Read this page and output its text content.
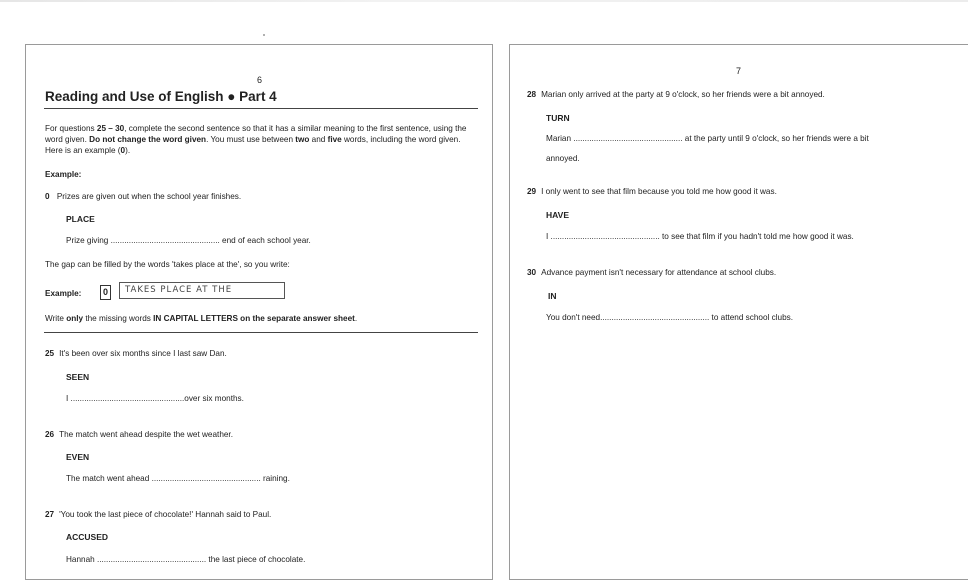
6
Reading and Use of English ● Part 4
For questions 25 – 30, complete the second sentence so that it has a similar meaning to the first sentence, using the word given. Do not change the word given. You must use between two and five words, including the word given. Here is an example (0).
Example:
0 Prizes are given out when the school year finishes.
PLACE
Prize giving ................................................ end of each school year.
The gap can be filled by the words 'takes place at the', so you write:
Example:	0	TAKES PLACE AT THE
Write only the missing words IN CAPITAL LETTERS on the separate answer sheet.
25 It's been over six months since I last saw Dan.
SEEN
I ..................................................over six months.
26 The match went ahead despite the wet weather.
EVEN
The match went ahead ................................................ raining.
27 'You took the last piece of chocolate!' Hannah said to Paul.
ACCUSED
Hannah ................................................ the last piece of chocolate.
7
28 Marian only arrived at the party at 9 o'clock, so her friends were a bit annoyed.
TURN
Marian ................................................ at the party until 9 o'clock, so her friends were a bit
annoyed.
29 I only went to see that film because you told me how good it was.
HAVE
I ................................................ to see that film if you hadn't told me how good it was.
30 Advance payment isn't necessary for attendance at school clubs.
IN
You don't need................................................ to attend school clubs.
